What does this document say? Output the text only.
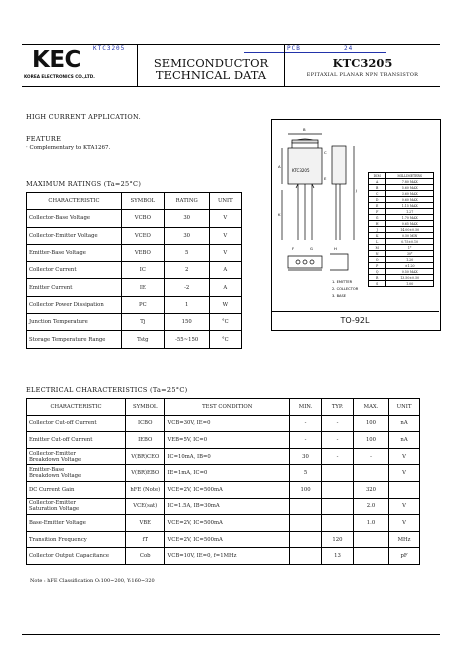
KTC3205	PCB	24
KEC
KOREA ELECTRONICS CO.,LTD.
SEMICONDUCTOR
TECHNICAL DATA
KTC3205
EPITAXIAL PLANAR NPN TRANSISTOR
HIGH CURRENT APPLICATION.
FEATURE
· Complementary to KTA1267.
MAXIMUM RATINGS (Ta=25°C)
CHARACTERISTIC	SYMBOL	RATING	UNIT
Collector-Base Voltage	VCBO	30	V
Collector-Emitter Voltage	VCEO	30	V
Emitter-Base Voltage	VEBO	5	V
Collector Current	IC	2	A
Emitter Current	IE	-2	A
Collector Power Dissipation	PC	1	W
Junction Temperature	Tj	150	°C
Storage Temperature Range	Tstg	-55~150	°C
KTC3205
A
B
J
K
C
E
F	G	H
1. EMITTER
2. COLLECTOR
3. BASE
DIM	MILLIMETERS
A	7.80 MAX
B	5.60 MAX
C	3.60 MAX
D	0.60 MAX
E	1.15 MAX
F	1.27
G	1.70 MAX
H	0.65 MAX
J	14.00±0.50
K	0.50 MIN
L	0.75±0.10
M	1°
N	30°
O	1.20
P	±1.20
Q	0.50 MAX
R	13.50±0.50
S	1.00
TO-92L
ELECTRICAL CHARACTERISTICS (Ta=25°C)
CHARACTERISTIC	SYMBOL	TEST CONDITION	MIN.	TYP.	MAX.	UNIT

Collector Cut-off Current	ICBO	VCB=30V, IE=0	-	-	100	nA

Emitter Cut-off Current	IEBO	VEB=5V, IC=0	-	-	100	nA

Collector-Emitter
Breakdown Voltage	V(BR)CEO	IC=10mA, IB=0	30	-	-	V

Emitter-Base
Breakdown Voltage	V(BR)EBO	IE=1mA, IC=0	5			V

DC Current Gain	hFE (Note)	VCE=2V, IC=500mA	100		320	

Collector-Emitter
Saturation Voltage	VCE(sat)	IC=1.5A, IB=30mA			2.0	V

Base-Emitter Voltage	VBE	VCE=2V, IC=500mA			1.0	V

Transition Frequency	fT	VCE=2V, IC=500mA		120		MHz

Collector Output Capacitance	Cob	VCB=10V, IE=0, f=1MHz		13		pF
Note : hFE Classification O:100~200, Y:160~320
